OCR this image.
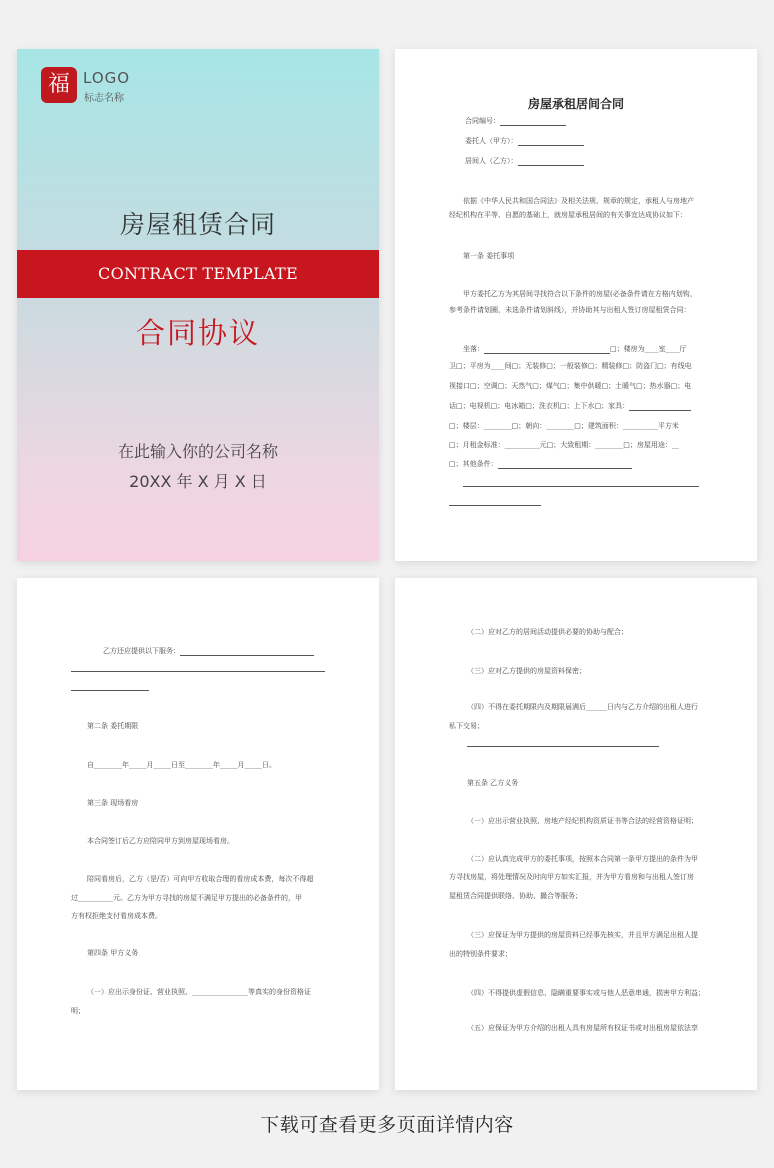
福 LOGO
标志名称
房屋租赁合同
CONTRACT TEMPLATE
合同协议
在此输入你的公司名称
20XX 年 X 月 X 日
房屋承租居间合同
合同编号：
委托人（甲方）：
居间人（乙方）：
依据《中华人民共和国合同法》及相关法规、规章的规定，承租人与房地产
经纪机构在平等、自愿的基础上，就房屋承租居间的有关事宜达成协议如下：
第一条 委托事项
甲方委托乙方为其居间寻找符合以下条件的房屋(必备条件请在方格内划钩，
参考条件请划圈，未选条件请划斜线），并协助其与出租人签订房屋租赁合同：
坐落：	□；楼房为____室____厅
卫□；平房为____间□；无装修□；一般装修□；精装修□；防盗门□；有线电
视接口□；空调□；天然气□；煤气□；集中供暖□；土暖气□；热水器□；电
话□；电视机□；电冰箱□；洗衣机□；上下水□；家具：
□；楼层：________□；朝向：________□；建筑面积：__________平方米
□；月租金标准：__________元□；大致租期：________□；房屋用途：__
□；其他条件：
乙方还应提供以下服务：
第二条 委托期限
自________年_____月_____日至________年_____月_____日。
第三条 现场看房
本合同签订后乙方应陪同甲方到房屋现场看房。
陪同看房后，乙方（是/否）可向甲方收取合理的看房成本费，每次不得超
过__________元。乙方为甲方寻找的房屋不满足甲方提出的必备条件的，甲
方有权拒绝支付看房成本费。
第四条 甲方义务
（一）应出示身份证、营业执照、________________等真实的身份资格证
明；
（二）应对乙方的居间活动提供必要的协助与配合；
（三）应对乙方提供的房屋资料保密；
（四）不得在委托期限内及期限届满后______日内与乙方介绍的出租人进行
私下交易；
第五条 乙方义务
（一）应出示营业执照、房地产经纪机构资质证书等合法的经营资格证明；
（二）应认真完成甲方的委托事项，按照本合同第一条甲方提出的条件为甲
方寻找房屋，将处理情况及时向甲方如实汇报，并为甲方看房和与出租人签订房
屋租赁合同提供联络、协助、撮合等服务；
（三）应保证为甲方提供的房屋资料已经事先核实，并且甲方满足出租人提
出的特别条件要求；
（四）不得提供虚假信息、隐瞒重要事实或与他人恶意串通，损害甲方利益；
（五）应保证为甲方介绍的出租人具有房屋所有权证书或对出租房屋依法享
下载可查看更多页面详情内容
